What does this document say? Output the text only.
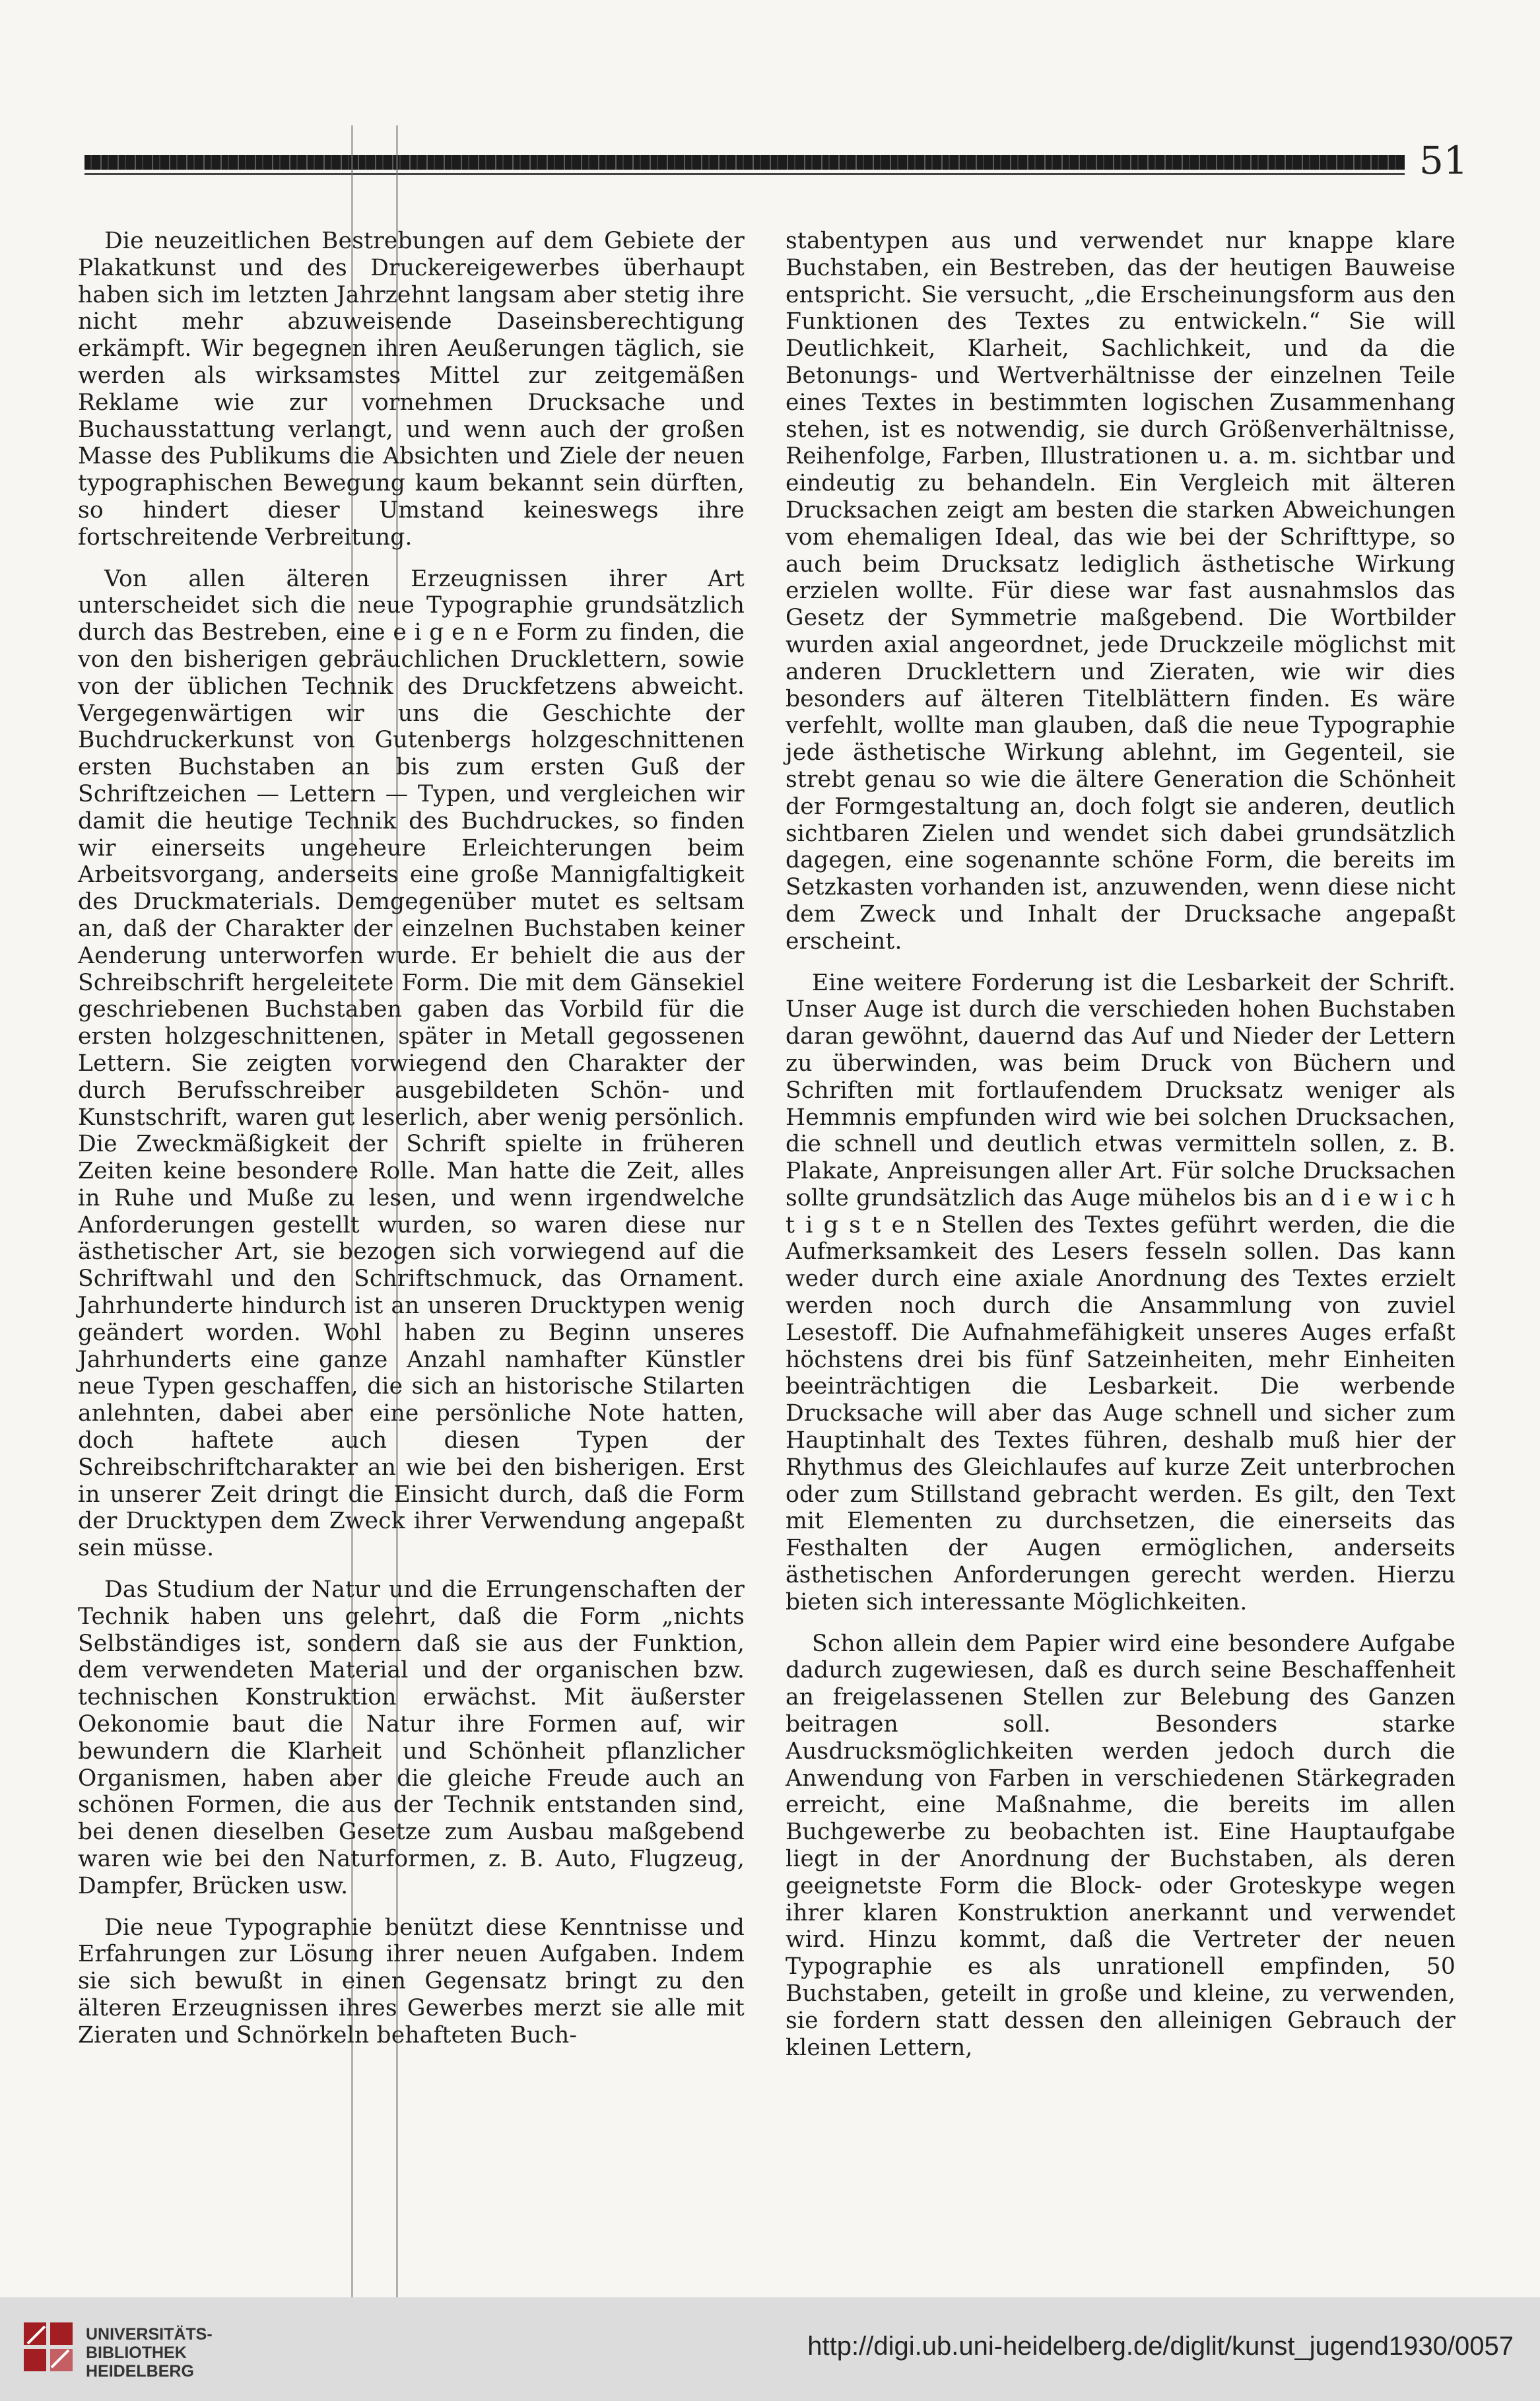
51

Die neuzeitlichen Bestrebungen auf dem Gebiete der Plakatkunst und des Druckereigewerbes überhaupt haben sich im letzten Jahrzehnt langsam aber stetig ihre nicht mehr abzuweisende Daseinsberechtigung erkämpft. Wir begegnen ihren Aeußerungen täglich, sie werden als wirksamstes Mittel zur zeitgemäßen Reklame wie zur vornehmen Drucksache und Buchausstattung verlangt, und wenn auch der großen Masse des Publikums die Absichten und Ziele der neuen typographischen Bewegung kaum bekannt sein dürften, so hindert dieser Umstand keineswegs ihre fortschreitende Verbreitung.

Von allen älteren Erzeugnissen ihrer Art unterscheidet sich die neue Typographie grundsätzlich durch das Bestreben, eine e i g e n e Form zu finden, die von den bisherigen gebräuchlichen Drucklettern, sowie von der üblichen Technik des Druckfetzens abweicht. Vergegenwärtigen wir uns die Geschichte der Buchdruckerkunst von Gutenbergs holzgeschnittenen ersten Buchstaben an bis zum ersten Guß der Schriftzeichen — Lettern — Typen, und vergleichen wir damit die heutige Technik des Buchdruckes, so finden wir einerseits ungeheure Erleichterungen beim Arbeitsvorgang, anderseits eine große Mannigfaltigkeit des Druckmaterials. Demgegenüber mutet es seltsam an, daß der Charakter der einzelnen Buchstaben keiner Aenderung unterworfen wurde. Er behielt die aus der Schreibschrift hergeleitete Form. Die mit dem Gänsekiel geschriebenen Buchstaben gaben das Vorbild für die ersten holzgeschnittenen, später in Metall gegossenen Lettern. Sie zeigten vorwiegend den Charakter der durch Berufsschreiber ausgebildeten Schön- und Kunstschrift, waren gut leserlich, aber wenig persönlich. Die Zweckmäßigkeit der Schrift spielte in früheren Zeiten keine besondere Rolle. Man hatte die Zeit, alles in Ruhe und Muße zu lesen, und wenn irgendwelche Anforderungen gestellt wurden, so waren diese nur ästhetischer Art, sie bezogen sich vorwiegend auf die Schriftwahl und den Schriftschmuck, das Ornament. Jahrhunderte hindurch ist an unseren Drucktypen wenig geändert worden. Wohl haben zu Beginn unseres Jahrhunderts eine ganze Anzahl namhafter Künstler neue Typen geschaffen, die sich an historische Stilarten anlehnten, dabei aber eine persönliche Note hatten, doch haftete auch diesen Typen der Schreibschriftcharakter an wie bei den bisherigen. Erst in unserer Zeit dringt die Einsicht durch, daß die Form der Drucktypen dem Zweck ihrer Verwendung angepaßt sein müsse.

Das Studium der Natur und die Errungenschaften der Technik haben uns gelehrt, daß die Form „nichts Selbständiges ist, sondern daß sie aus der Funktion, dem verwendeten Material und der organischen bzw. technischen Konstruktion erwächst. Mit äußerster Oekonomie baut die Natur ihre Formen auf, wir bewundern die Klarheit und Schönheit pflanzlicher Organismen, haben aber die gleiche Freude auch an schönen Formen, die aus der Technik entstanden sind, bei denen dieselben Gesetze zum Ausbau maßgebend waren wie bei den Naturformen, z. B. Auto, Flugzeug, Dampfer, Brücken usw.

Die neue Typographie benützt diese Kenntnisse und Erfahrungen zur Lösung ihrer neuen Aufgaben. Indem sie sich bewußt in einen Gegensatz bringt zu den älteren Erzeugnissen ihres Gewerbes merzt sie alle mit Zieraten und Schnörkeln behafteten Buch-

stabentypen aus und verwendet nur knappe klare Buchstaben, ein Bestreben, das der heutigen Bauweise entspricht. Sie versucht, „die Erscheinungsform aus den Funktionen des Textes zu entwickeln.“ Sie will Deutlichkeit, Klarheit, Sachlichkeit, und da die Betonungs- und Wertverhältnisse der einzelnen Teile eines Textes in bestimmten logischen Zusammenhang stehen, ist es notwendig, sie durch Größenverhältnisse, Reihenfolge, Farben, Illustrationen u. a. m. sichtbar und eindeutig zu behandeln. Ein Vergleich mit älteren Drucksachen zeigt am besten die starken Abweichungen vom ehemaligen Ideal, das wie bei der Schrifttype, so auch beim Drucksatz lediglich ästhetische Wirkung erzielen wollte. Für diese war fast ausnahmslos das Gesetz der Symmetrie maßgebend. Die Wortbilder wurden axial angeordnet, jede Druckzeile möglichst mit anderen Drucklettern und Zieraten, wie wir dies besonders auf älteren Titelblättern finden. Es wäre verfehlt, wollte man glauben, daß die neue Typographie jede ästhetische Wirkung ablehnt, im Gegenteil, sie strebt genau so wie die ältere Generation die Schönheit der Formgestaltung an, doch folgt sie anderen, deutlich sichtbaren Zielen und wendet sich dabei grundsätzlich dagegen, eine sogenannte schöne Form, die bereits im Setzkasten vorhanden ist, anzuwenden, wenn diese nicht dem Zweck und Inhalt der Drucksache angepaßt erscheint.

Eine weitere Forderung ist die Lesbarkeit der Schrift. Unser Auge ist durch die verschieden hohen Buchstaben daran gewöhnt, dauernd das Auf und Nieder der Lettern zu überwinden, was beim Druck von Büchern und Schriften mit fortlaufendem Drucksatz weniger als Hemmnis empfunden wird wie bei solchen Drucksachen, die schnell und deutlich etwas vermitteln sollen, z. B. Plakate, Anpreisungen aller Art. Für solche Drucksachen sollte grundsätzlich das Auge mühelos bis an d i e w i c h t i g s t e n Stellen des Textes geführt werden, die die Aufmerksamkeit des Lesers fesseln sollen. Das kann weder durch eine axiale Anordnung des Textes erzielt werden noch durch die Ansammlung von zuviel Lesestoff. Die Aufnahmefähigkeit unseres Auges erfaßt höchstens drei bis fünf Satzeinheiten, mehr Einheiten beeinträchtigen die Lesbarkeit. Die werbende Drucksache will aber das Auge schnell und sicher zum Hauptinhalt des Textes führen, deshalb muß hier der Rhythmus des Gleichlaufes auf kurze Zeit unterbrochen oder zum Stillstand gebracht werden. Es gilt, den Text mit Elementen zu durchsetzen, die einerseits das Festhalten der Augen ermöglichen, anderseits ästhetischen Anforderungen gerecht werden. Hierzu bieten sich interessante Möglichkeiten.

Schon allein dem Papier wird eine besondere Aufgabe dadurch zugewiesen, daß es durch seine Beschaffenheit an freigelassenen Stellen zur Belebung des Ganzen beitragen soll. Besonders starke Ausdrucksmöglichkeiten werden jedoch durch die Anwendung von Farben in verschiedenen Stärkegraden erreicht, eine Maßnahme, die bereits im allen Buchgewerbe zu beobachten ist. Eine Hauptaufgabe liegt in der Anordnung der Buchstaben, als deren geeignetste Form die Block- oder Groteskype wegen ihrer klaren Konstruktion anerkannt und verwendet wird. Hinzu kommt, daß die Vertreter der neuen Typographie es als unrationell empfinden, 50 Buchstaben, geteilt in große und kleine, zu verwenden, sie fordern statt dessen den alleinigen Gebrauch der kleinen Lettern,

UNIVERSITÄTS-
BIBLIOTHEK
HEIDELBERG
http://digi.ub.uni-heidelberg.de/diglit/kunst_jugend1930/0057
